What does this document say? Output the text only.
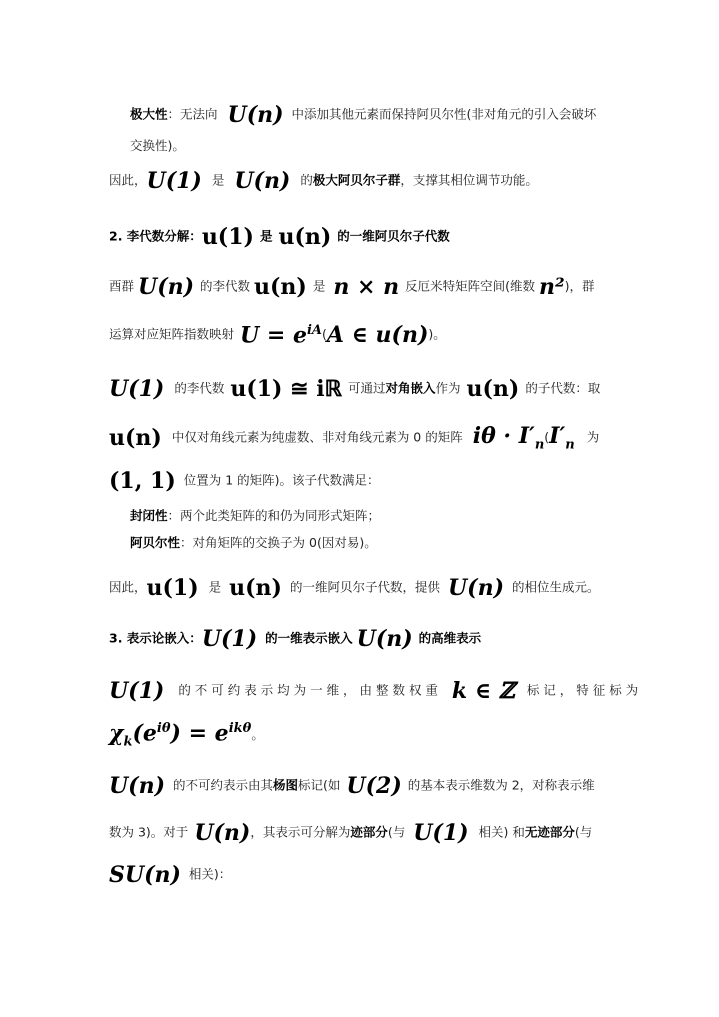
极大性：无法向 U(n) 中添加其他元素而保持阿贝尔性(非对角元的引入会破坏
交换性)。
因此，U(1) 是 U(n) 的极大阿贝尔子群，支撑其相位调节功能。
2. 李代数分解：u(1) 是 u(n) 的一维阿贝尔子代数
酉群 U(n) 的李代数 u(n) 是 n × n 反厄米特矩阵空间(维数 n²)，群
运算对应矩阵指数映射 $U = e^{iA}(A$ ∈ u(n))。
U(1) 的李代数 u(1) ≅ iℝ 可通过对角嵌入作为 u(n) 的子代数：取
u(n) 中仅对角线元素为纯虚数、非对角线元素为 0 的矩阵 $i\theta \cdot I'_n(I'_n$为
(1, 1) 位置为 1 的矩阵)。该子代数满足：
封闭性：两个此类矩阵的和仍为同形式矩阵；
阿贝尔性：对角矩阵的交换子为 0(因对易)。
因此，u(1) 是 u(n) 的一维阿贝尔子代数，提供 U(n) 的相位生成元。
3. 表示论嵌入：U(1) 的一维表示嵌入 U(n) 的高维表示
U(1) 的 不 可 约 表 示 均 为 一 维 ， 由 整 数 权 重 k ∈ ℤ 标 记 ， 特 征 标 为
$\chi_k(e^{i\theta}) = e^{ik\theta}$。
U(n) 的不可约表示由其杨图标记(如 U(2) 的基本表示维数为 2，对称表示维
数为 3)。对于 U(n)，其表示可分解为迹部分(与 U(1) 相关) 和无迹部分(与
SU(n) 相关)：
